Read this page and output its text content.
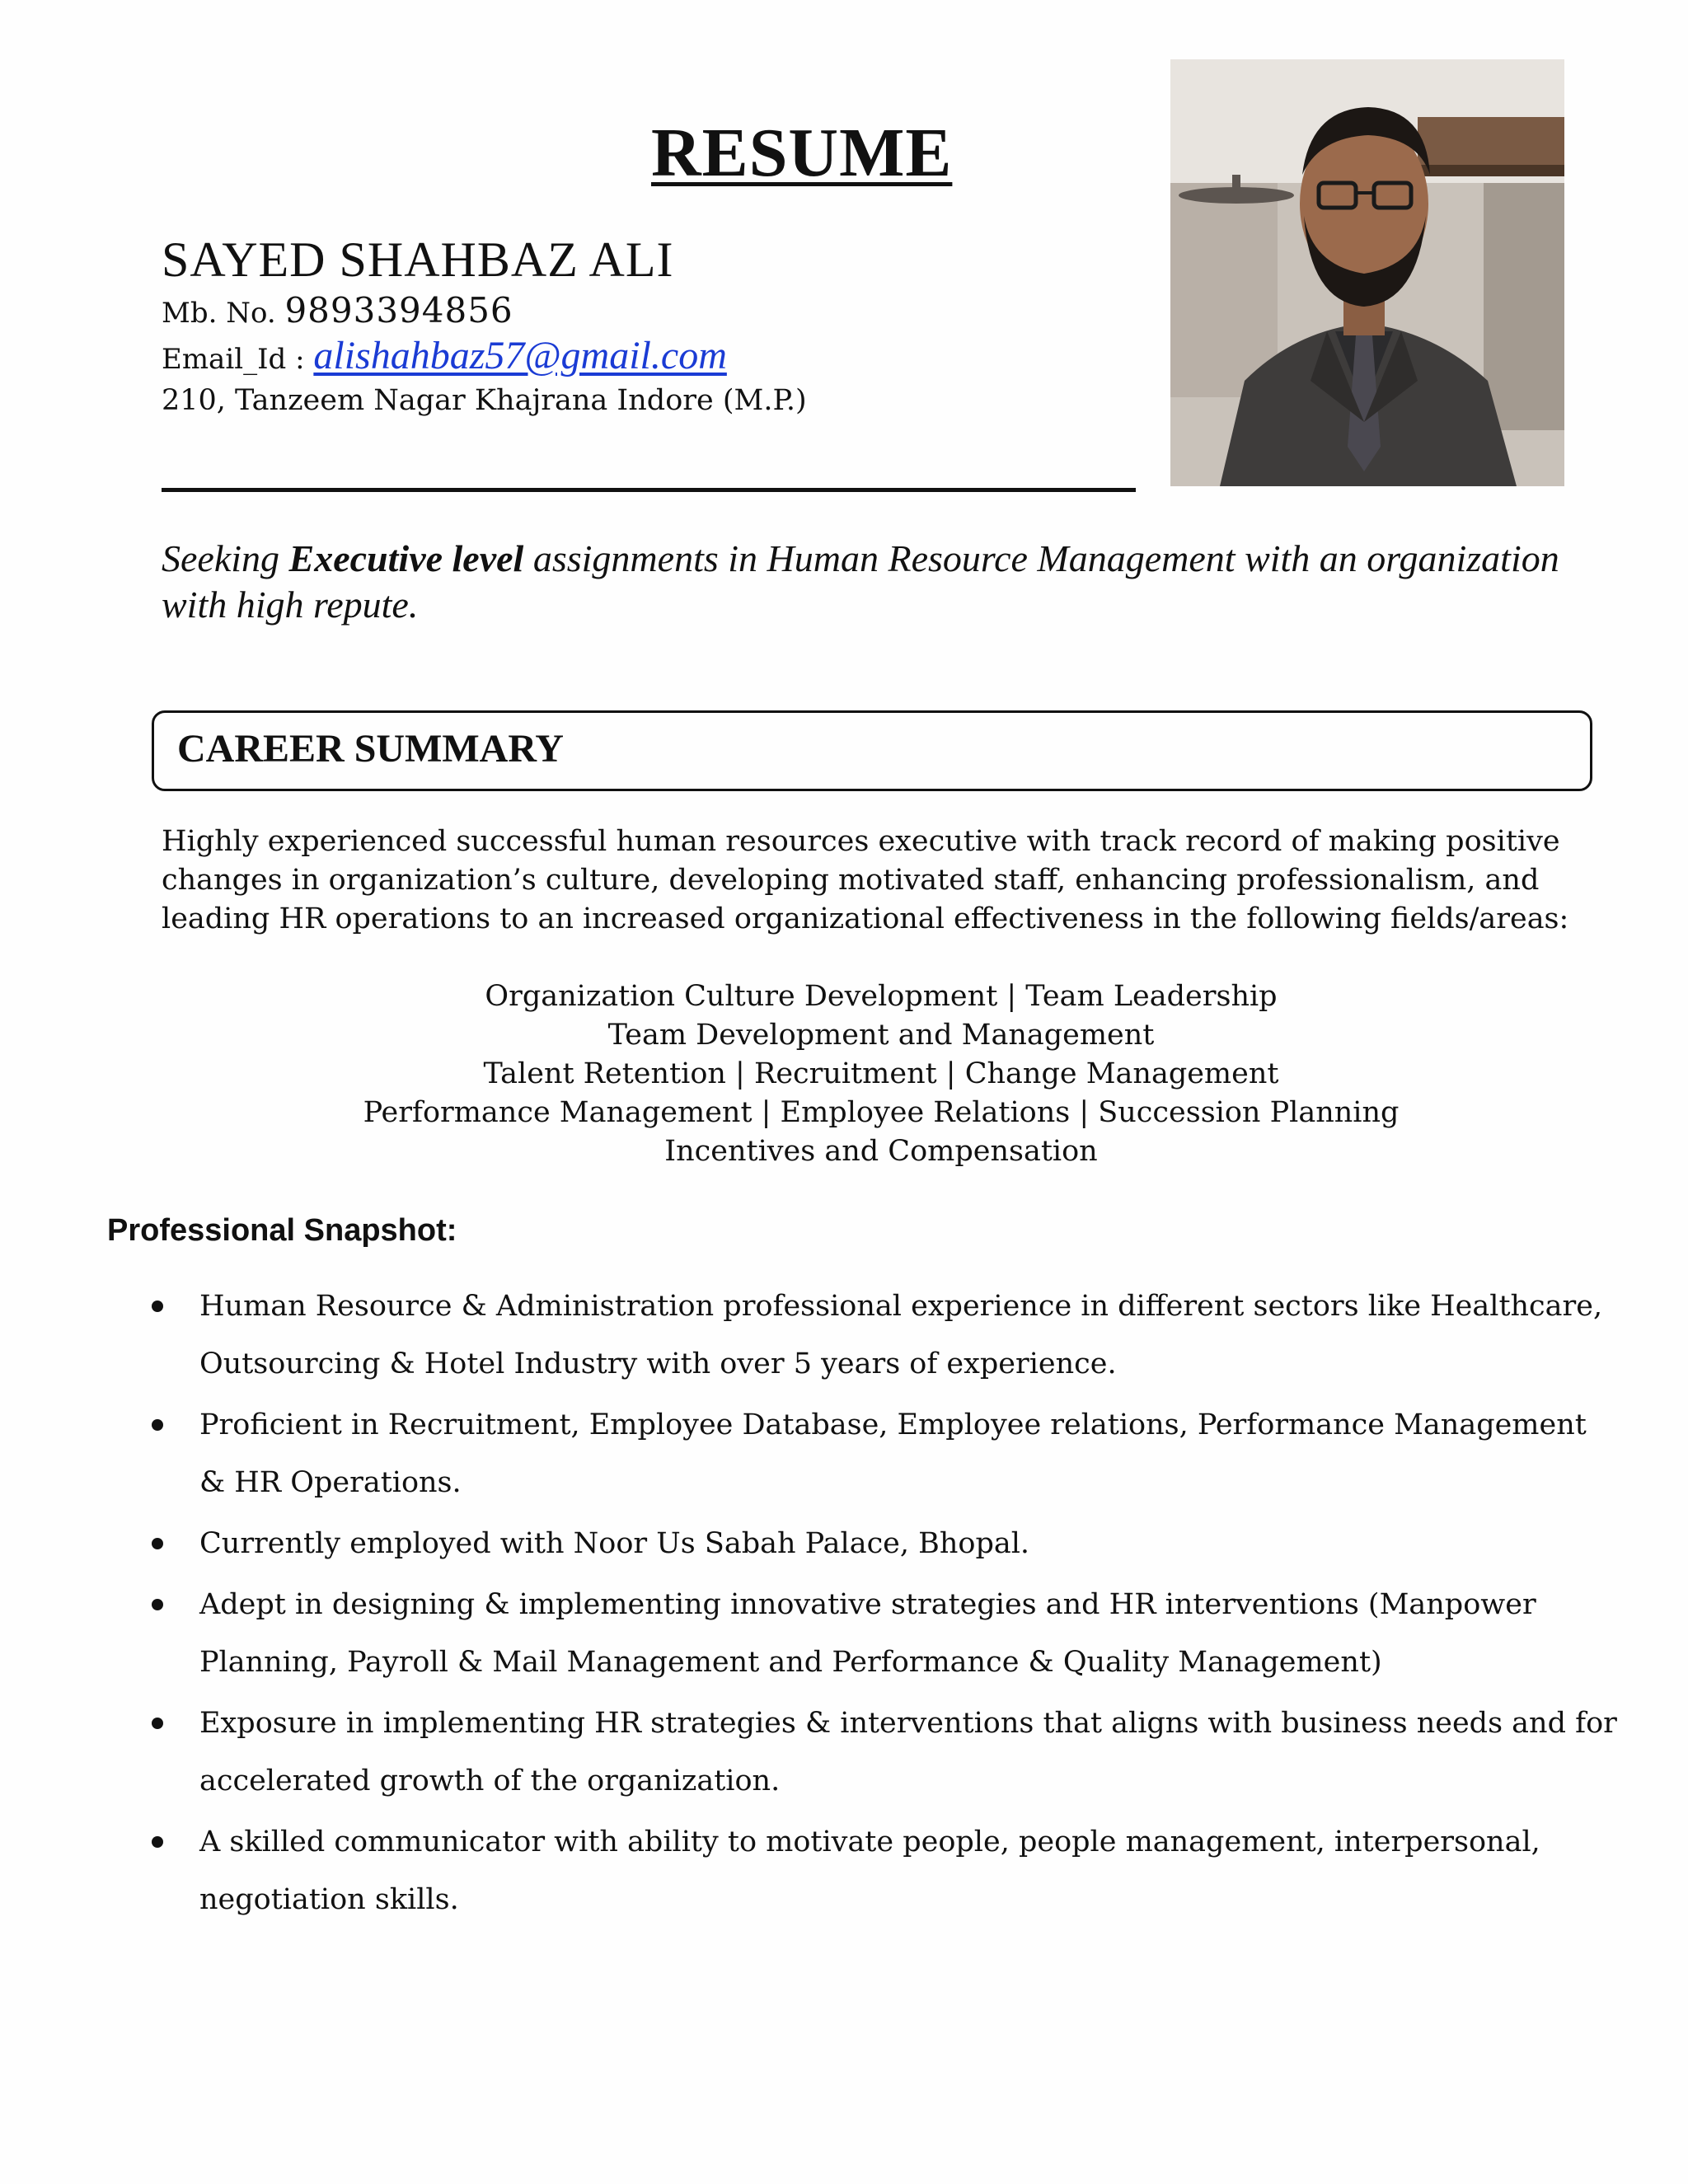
RESUME
SAYED SHAHBAZ ALI
Mb. No. 9893394856
Email_Id : alishahbaz57@gmail.com
210, Tanzeem Nagar Khajrana Indore (M.P.)
Seeking Executive level assignments in Human Resource Management with an organization with high repute.
CAREER SUMMARY
Highly experienced successful human resources executive with track record of making positive changes in organization’s culture, developing motivated staff, enhancing professionalism, and leading HR operations to an increased organizational effectiveness in the following fields/areas:
Organization Culture Development | Team Leadership
Team Development and Management
Talent Retention | Recruitment | Change Management
Performance Management | Employee Relations | Succession Planning
Incentives and Compensation
Professional Snapshot:
Human Resource & Administration professional experience in different sectors like Healthcare, Outsourcing & Hotel Industry with over 5 years of experience.
Proficient in Recruitment, Employee Database, Employee relations, Performance Management & HR Operations.
Currently employed with Noor Us Sabah Palace, Bhopal.
Adept in designing & implementing innovative strategies and HR interventions (Manpower Planning, Payroll & Mail Management and Performance & Quality Management)
Exposure in implementing HR strategies & interventions that aligns with business needs and for accelerated growth of the organization.
A skilled communicator with ability to motivate people, people management, interpersonal, negotiation skills.
